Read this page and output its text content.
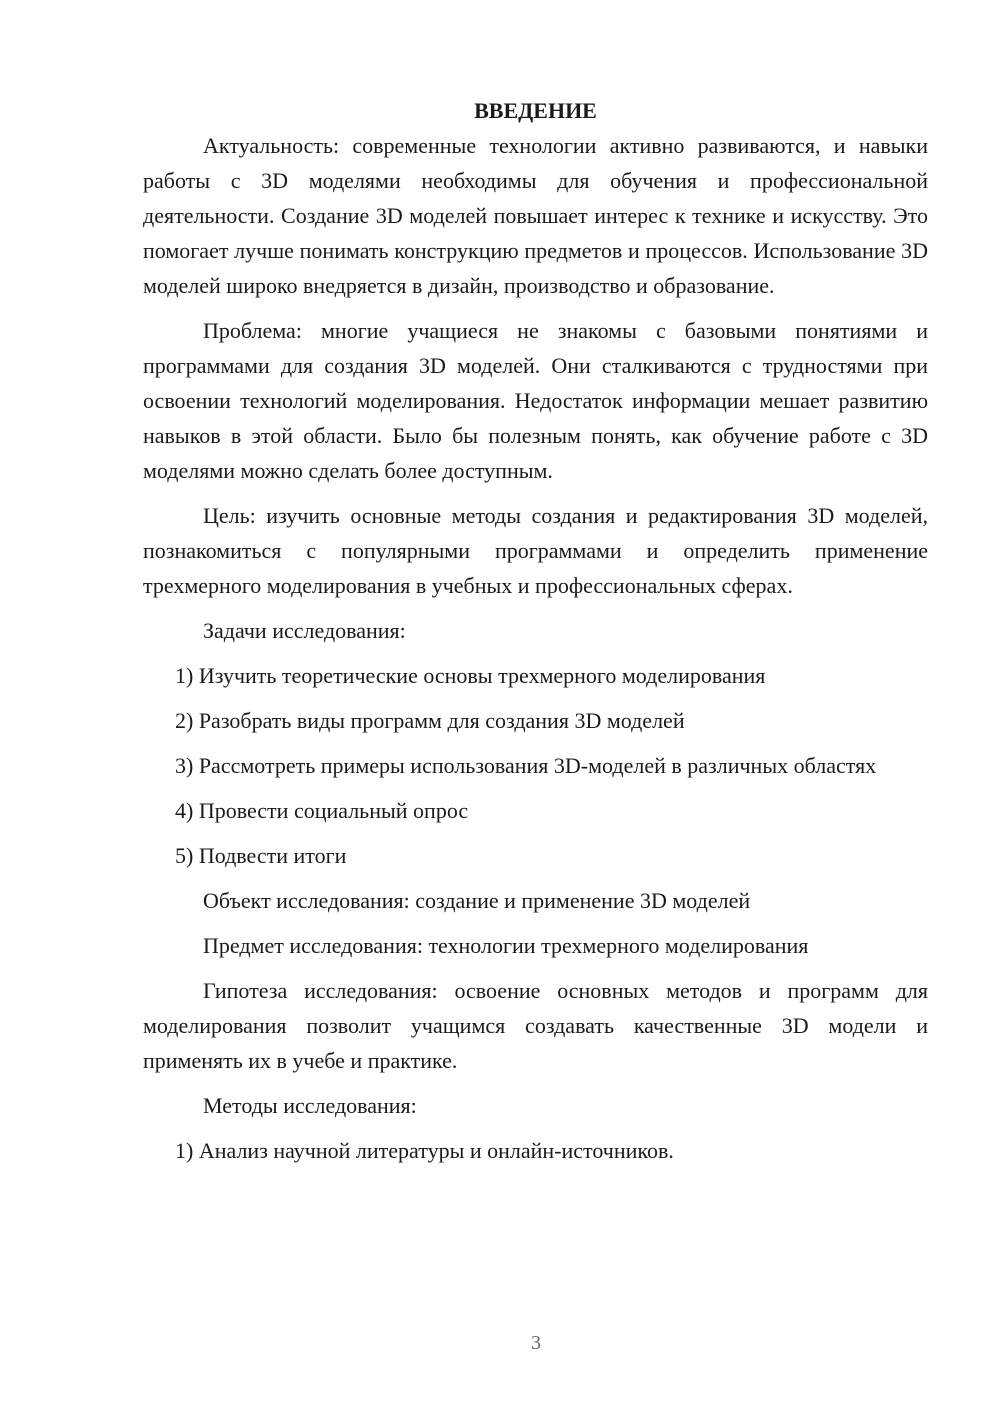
ВВЕДЕНИЕ

Актуальность: современные технологии активно развиваются, и навыки работы с 3D моделями необходимы для обучения и профессиональной деятельности. Создание 3D моделей повышает интерес к технике и искусству. Это помогает лучше понимать конструкцию предметов и процессов. Использование 3D моделей широко внедряется в дизайн, производство и образование.

Проблема: многие учащиеся не знакомы с базовыми понятиями и программами для создания 3D моделей. Они сталкиваются с трудностями при освоении технологий моделирования. Недостаток информации мешает развитию навыков в этой области. Было бы полезным понять, как обучение работе с 3D моделями можно сделать более доступным.

Цель: изучить основные методы создания и редактирования 3D моделей, познакомиться с популярными программами и определить применение трехмерного моделирования в учебных и профессиональных сферах.

Задачи исследования:

1) Изучить теоретические основы трехмерного моделирования

2) Разобрать виды программ для создания 3D моделей

3) Рассмотреть примеры использования 3D-моделей в различных областях

4) Провести социальный опрос

5) Подвести итоги

Объект исследования: создание и применение 3D моделей

Предмет исследования: технологии трехмерного моделирования

Гипотеза исследования: освоение основных методов и программ для моделирования позволит учащимся создавать качественные 3D модели и применять их в учебе и практике.

Методы исследования:

1) Анализ научной литературы и онлайн-источников.

3
